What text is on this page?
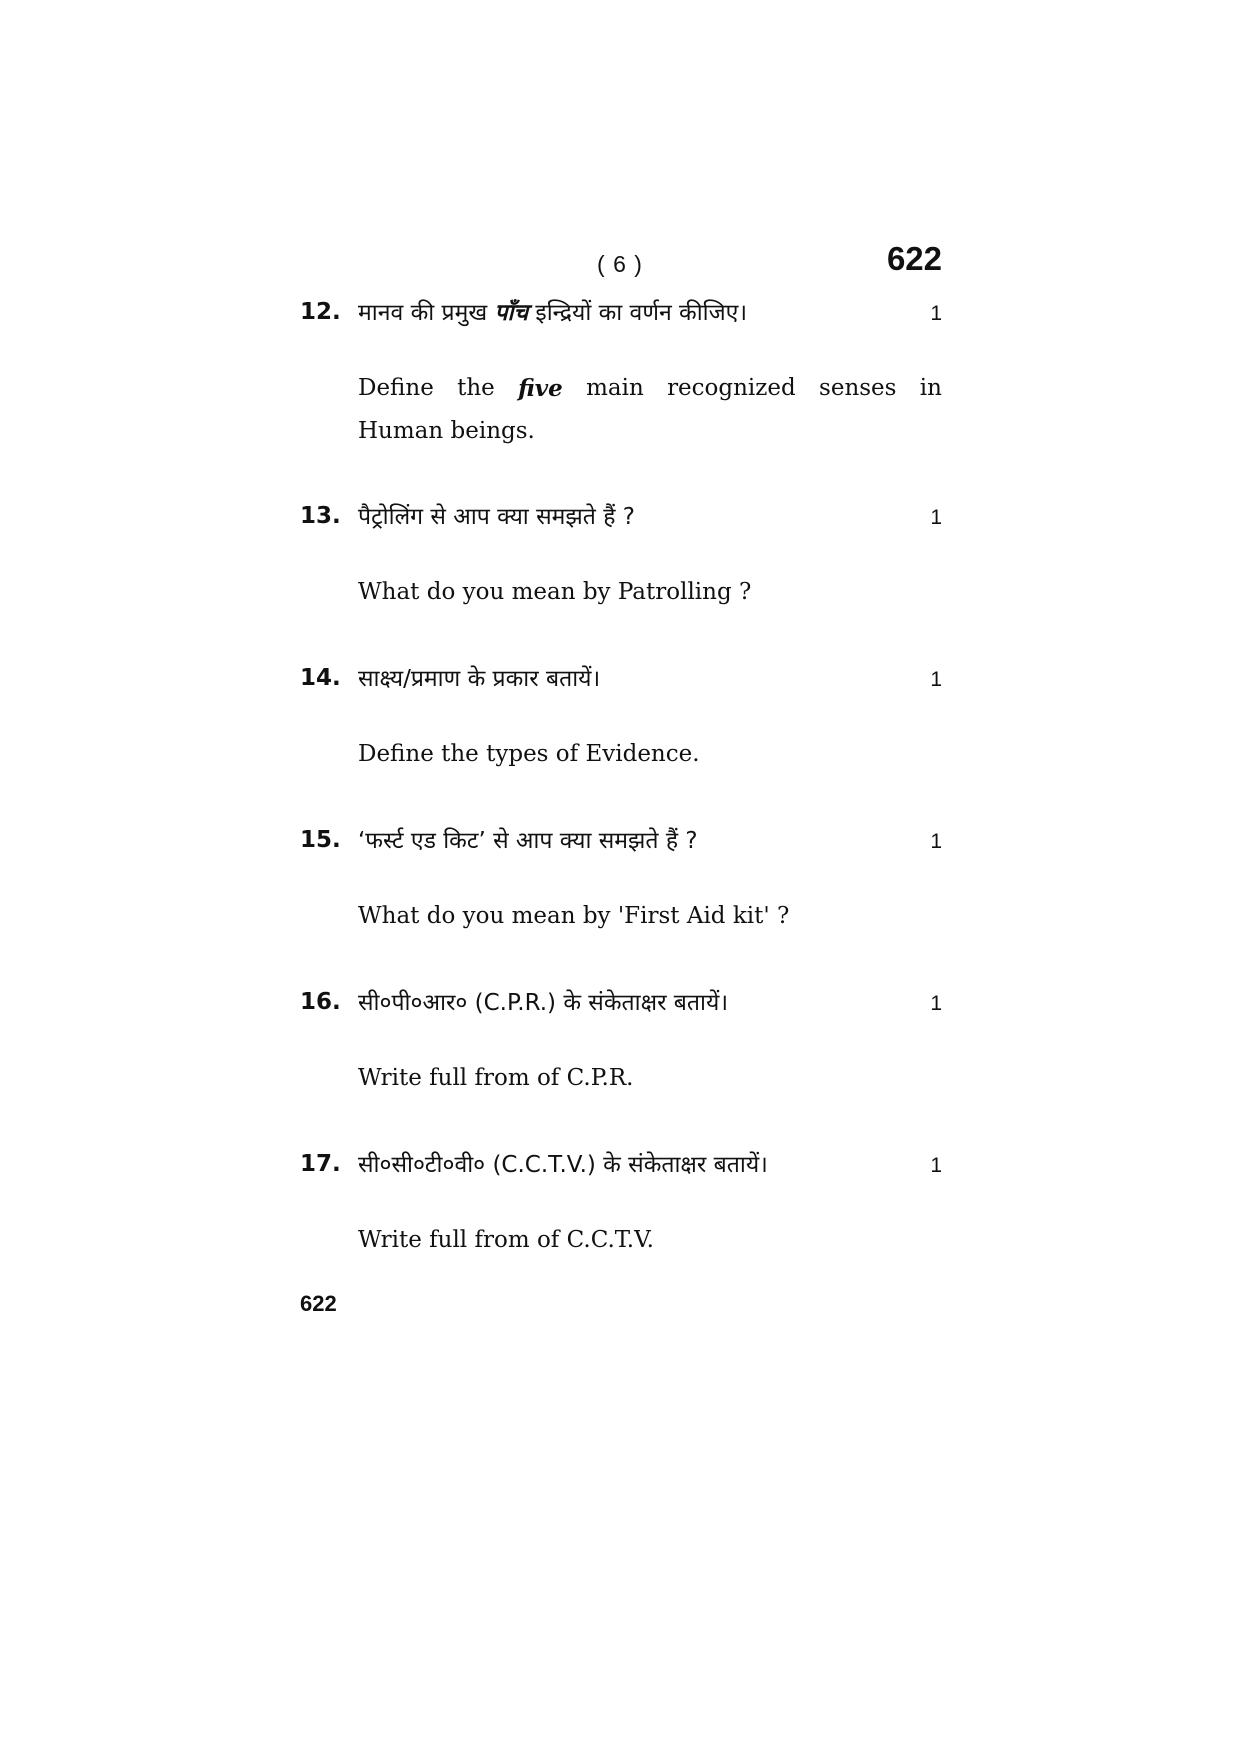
( 6 )	622
12. मानव की प्रमुख पाँच इन्द्रियों का वर्णन कीजिए।	1
Define the five main recognized senses in
Human beings.
13. पैट्रोलिंग से आप क्या समझते हैं ?	1
What do you mean by Patrolling ?
14. साक्ष्य/प्रमाण के प्रकार बतायें।	1
Define the types of Evidence.
15. ‘फर्स्ट एड किट’ से आप क्या समझते हैं ?	1
What do you mean by 'First Aid kit' ?
16. सी०पी०आर० (C.P.R.) के संकेताक्षर बतायें।	1
Write full from of C.P.R.
17. सी०सी०टी०वी० (C.C.T.V.) के संकेताक्षर बतायें।	1
Write full from of C.C.T.V.
622
